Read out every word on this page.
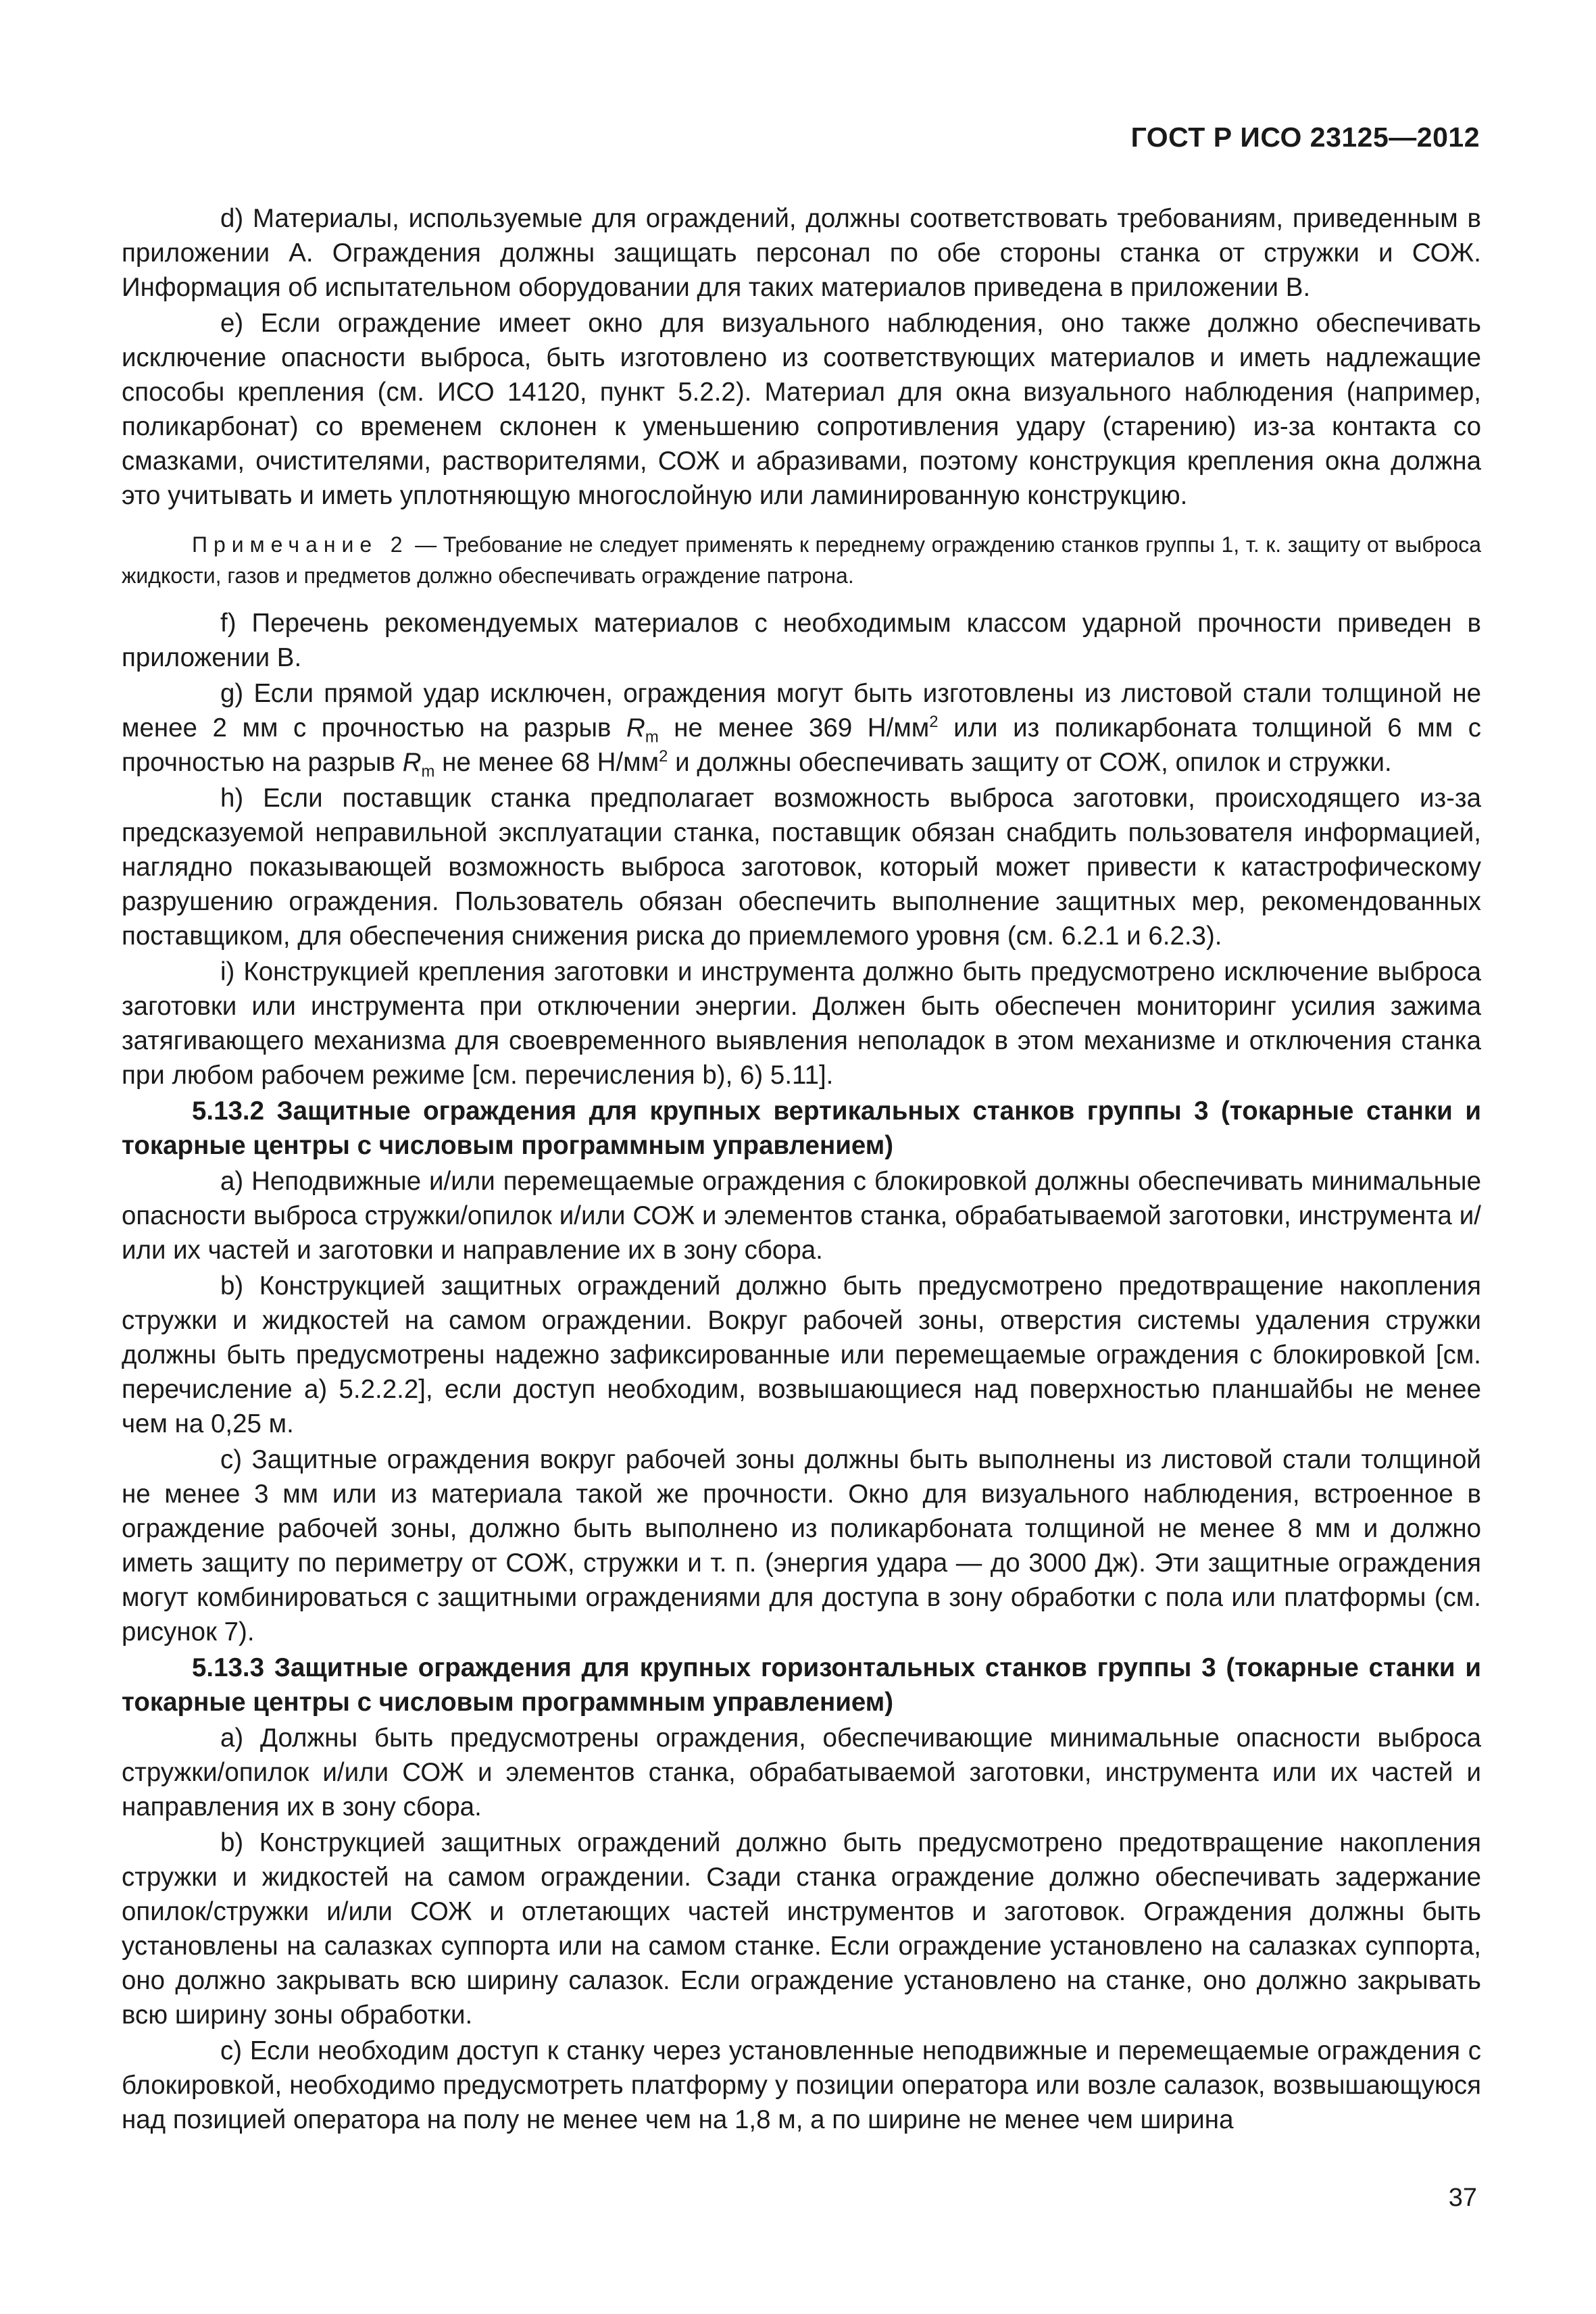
ГОСТ Р ИСО 23125—2012

d) Материалы, используемые для ограждений, должны соответствовать требованиям, приведенным в приложении А. Ограждения должны защищать персонал по обе стороны станка от стружки и СОЖ. Информация об испытательном оборудовании для таких материалов приведена в приложении В.

е) Если ограждение имеет окно для визуального наблюдения, оно также должно обеспечивать исключение опасности выброса, быть изготовлено из соответствующих материалов и иметь надлежащие способы крепления (см. ИСО 14120, пункт 5.2.2). Материал для окна визуального наблюдения (например, поликарбонат) со временем склонен к уменьшению сопротивления удару (старению) из-за контакта со смазками, очистителями, растворителями, СОЖ и абразивами, поэтому конструкция крепления окна должна это учитывать и иметь уплотняющую многослойную или ламинированную конструкцию.

Примечание 2 — Требование не следует применять к переднему ограждению станков группы 1, т. к. защиту от выброса жидкости, газов и предметов должно обеспечивать ограждение патрона.

f) Перечень рекомендуемых материалов с необходимым классом ударной прочности приведен в приложении В.

g) Если прямой удар исключен, ограждения могут быть изготовлены из листовой стали толщиной не менее 2 мм с прочностью на разрыв $R_m$ не менее 369 $Н/мм^2$ или из поликарбоната толщиной 6 мм с прочностью на разрыв $R_m$ не менее 68 $Н/мм^2$ и должны обеспечивать защиту от СОЖ, опилок и стружки.

h) Если поставщик станка предполагает возможность выброса заготовки, происходящего из-за предсказуемой неправильной эксплуатации станка, поставщик обязан снабдить пользователя информацией, наглядно показывающей возможность выброса заготовок, который может привести к катастрофическому разрушению ограждения. Пользователь обязан обеспечить выполнение защитных мер, рекомендованных поставщиком, для обеспечения снижения риска до приемлемого уровня (см. 6.2.1 и 6.2.3).

i) Конструкцией крепления заготовки и инструмента должно быть предусмотрено исключение выброса заготовки или инструмента при отключении энергии. Должен быть обеспечен мониторинг усилия зажима затягивающего механизма для своевременного выявления неполадок в этом механизме и отключения станка при любом рабочем режиме [см. перечисления b), 6) 5.11].

5.13.2 Защитные ограждения для крупных вертикальных станков группы 3 (токарные станки и токарные центры с числовым программным управлением)

а) Неподвижные и/или перемещаемые ограждения с блокировкой должны обеспечивать минимальные опасности выброса стружки/опилок и/или СОЖ и элементов станка, обрабатываемой заготовки, инструмента и/или их частей и заготовки и направление их в зону сбора.

b) Конструкцией защитных ограждений должно быть предусмотрено предотвращение накопления стружки и жидкостей на самом ограждении. Вокруг рабочей зоны, отверстия системы удаления стружки должны быть предусмотрены надежно зафиксированные или перемещаемые ограждения с блокировкой [см. перечисление а) 5.2.2.2], если доступ необходим, возвышающиеся над поверхностью планшайбы не менее чем на 0,25 м.

с) Защитные ограждения вокруг рабочей зоны должны быть выполнены из листовой стали толщиной не менее 3 мм или из материала такой же прочности. Окно для визуального наблюдения, встроенное в ограждение рабочей зоны, должно быть выполнено из поликарбоната толщиной не менее 8 мм и должно иметь защиту по периметру от СОЖ, стружки и т. п. (энергия удара — до 3000 Дж). Эти защитные ограждения могут комбинироваться с защитными ограждениями для доступа в зону обработки с пола или платформы (см. рисунок 7).

5.13.3 Защитные ограждения для крупных горизонтальных станков группы 3 (токарные станки и токарные центры с числовым программным управлением)

а) Должны быть предусмотрены ограждения, обеспечивающие минимальные опасности выброса стружки/опилок и/или СОЖ и элементов станка, обрабатываемой заготовки, инструмента или их частей и направления их в зону сбора.

b) Конструкцией защитных ограждений должно быть предусмотрено предотвращение накопления стружки и жидкостей на самом ограждении. Сзади станка ограждение должно обеспечивать задержание опилок/стружки и/или СОЖ и отлетающих частей инструментов и заготовок. Ограждения должны быть установлены на салазках суппорта или на самом станке. Если ограждение установлено на салазках суппорта, оно должно закрывать всю ширину салазок. Если ограждение установлено на станке, оно должно закрывать всю ширину зоны обработки.

с) Если необходим доступ к станку через установленные неподвижные и перемещаемые ограждения с блокировкой, необходимо предусмотреть платформу у позиции оператора или возле салазок, возвышающуюся над позицией оператора на полу не менее чем на 1,8 м, а по ширине не менее чем ширина

37
